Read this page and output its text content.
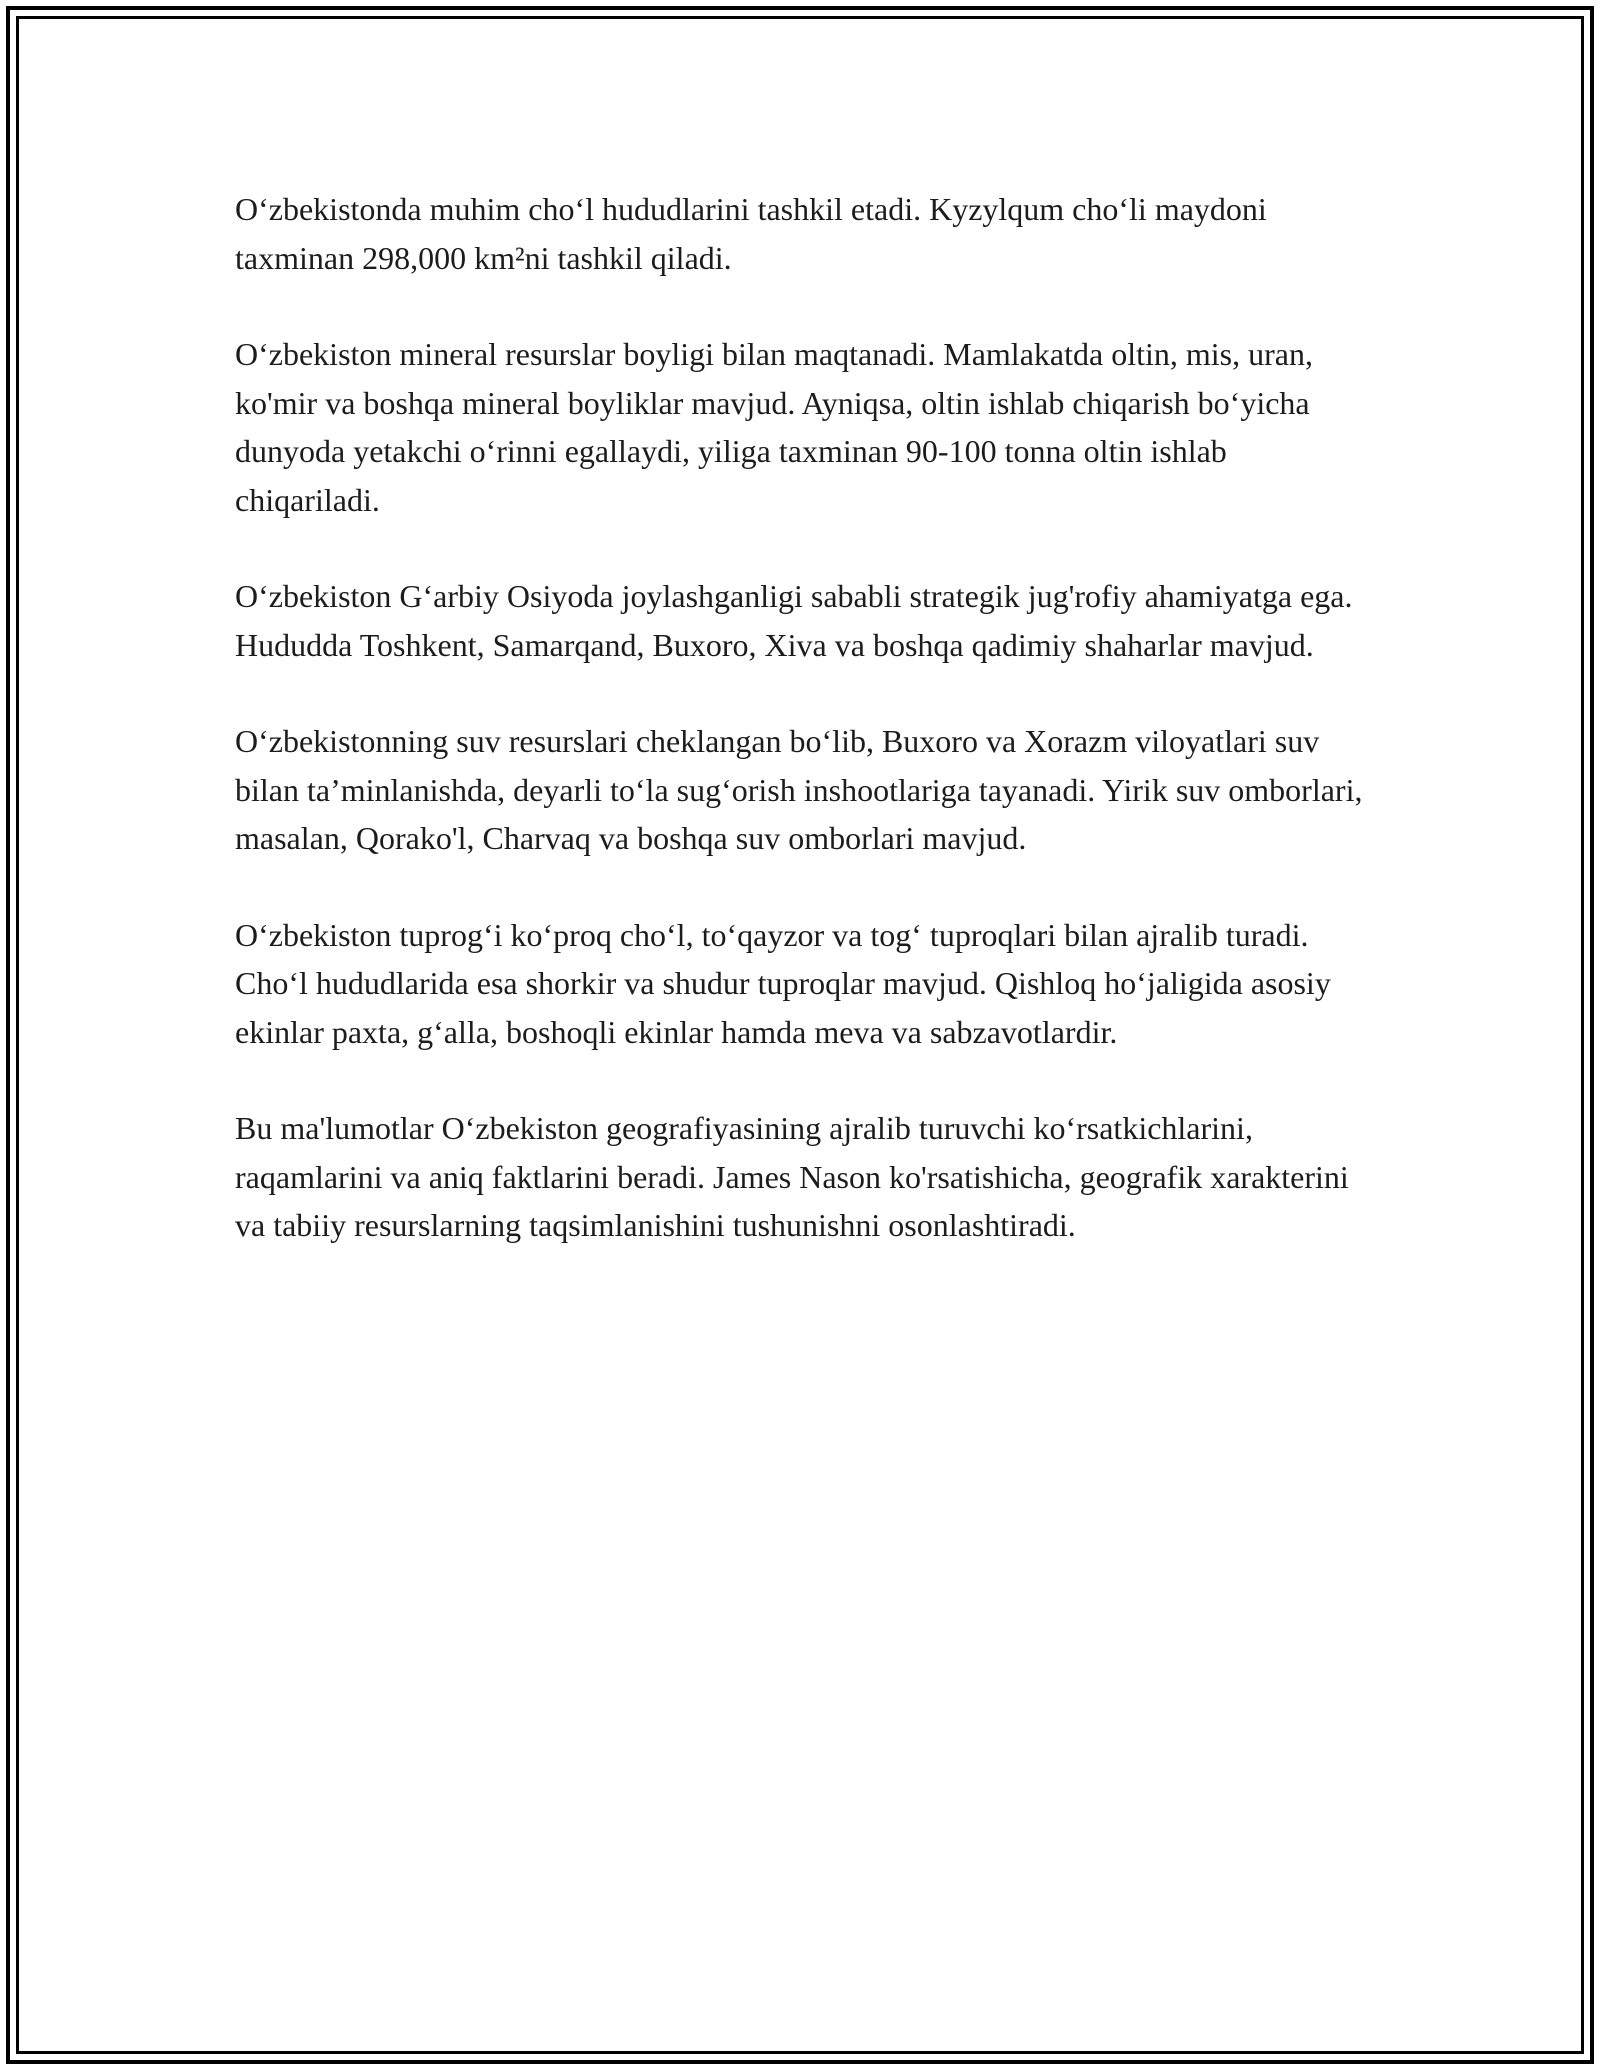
O‘zbekistonda muhim cho‘l hududlarini tashkil etadi. Kyzylqum cho‘li maydoni taxminan 298,000 km²ni tashkil qiladi.

O‘zbekiston mineral resurslar boyligi bilan maqtanadi. Mamlakatda oltin, mis, uran, ko'mir va boshqa mineral boyliklar mavjud. Ayniqsa, oltin ishlab chiqarish bo‘yicha dunyoda yetakchi o‘rinni egallaydi, yiliga taxminan 90-100 tonna oltin ishlab chiqariladi.

O‘zbekiston G‘arbiy Osiyoda joylashganligi sababli strategik jug'rofiy ahamiyatga ega. Hududda Toshkent, Samarqand, Buxoro, Xiva va boshqa qadimiy shaharlar mavjud.

O‘zbekistonning suv resurslari cheklangan bo‘lib, Buxoro va Xorazm viloyatlari suv bilan ta’minlanishda, deyarli to‘la sug‘orish inshootlariga tayanadi. Yirik suv omborlari, masalan, Qorako'l, Charvaq va boshqa suv omborlari mavjud.

O‘zbekiston tuprog‘i ko‘proq cho‘l, to‘qayzor va tog‘ tuproqlari bilan ajralib turadi. Cho‘l hududlarida esa shorkir va shudur tuproqlar mavjud. Qishloq ho‘jaligida asosiy ekinlar paxta, g‘alla, boshoqli ekinlar hamda meva va sabzavotlardir.

Bu ma'lumotlar O‘zbekiston geografiyasining ajralib turuvchi ko‘rsatkichlarini, raqamlarini va aniq faktlarini beradi. James Nason ko'rsatishicha, geografik xarakterini va tabiiy resurslarning taqsimlanishini tushunishni osonlashtiradi.
